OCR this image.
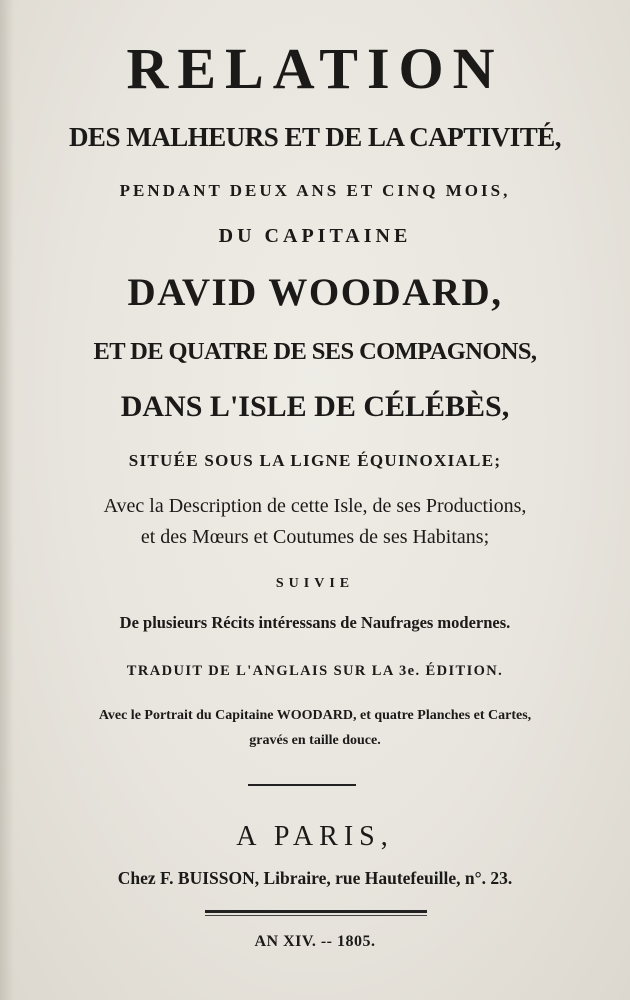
RELATION
DES MALHEURS ET DE LA CAPTIVITÉ,
PENDANT DEUX ANS ET CINQ MOIS,
DU CAPITAINE
DAVID WOODARD,
ET DE QUATRE DE SES COMPAGNONS,
DANS L'ISLE DE CÉLÉBÈS,
SITUÉE SOUS LA LIGNE ÉQUINOXIALE;
Avec la Description de cette Isle, de ses Productions,
et des Mœurs et Coutumes de ses Habitans;
SUIVIE
De plusieurs Récits intéressans de Naufrages modernes.
TRADUIT DE L'ANGLAIS SUR LA 3e. ÉDITION.
Avec le Portrait du Capitaine WOODARD, et quatre Planches et Cartes,
gravés en taille douce.
A PARIS,
Chez F. BUISSON, Libraire, rue Hautefeuille, n°. 23.
AN XIV. -- 1805.
